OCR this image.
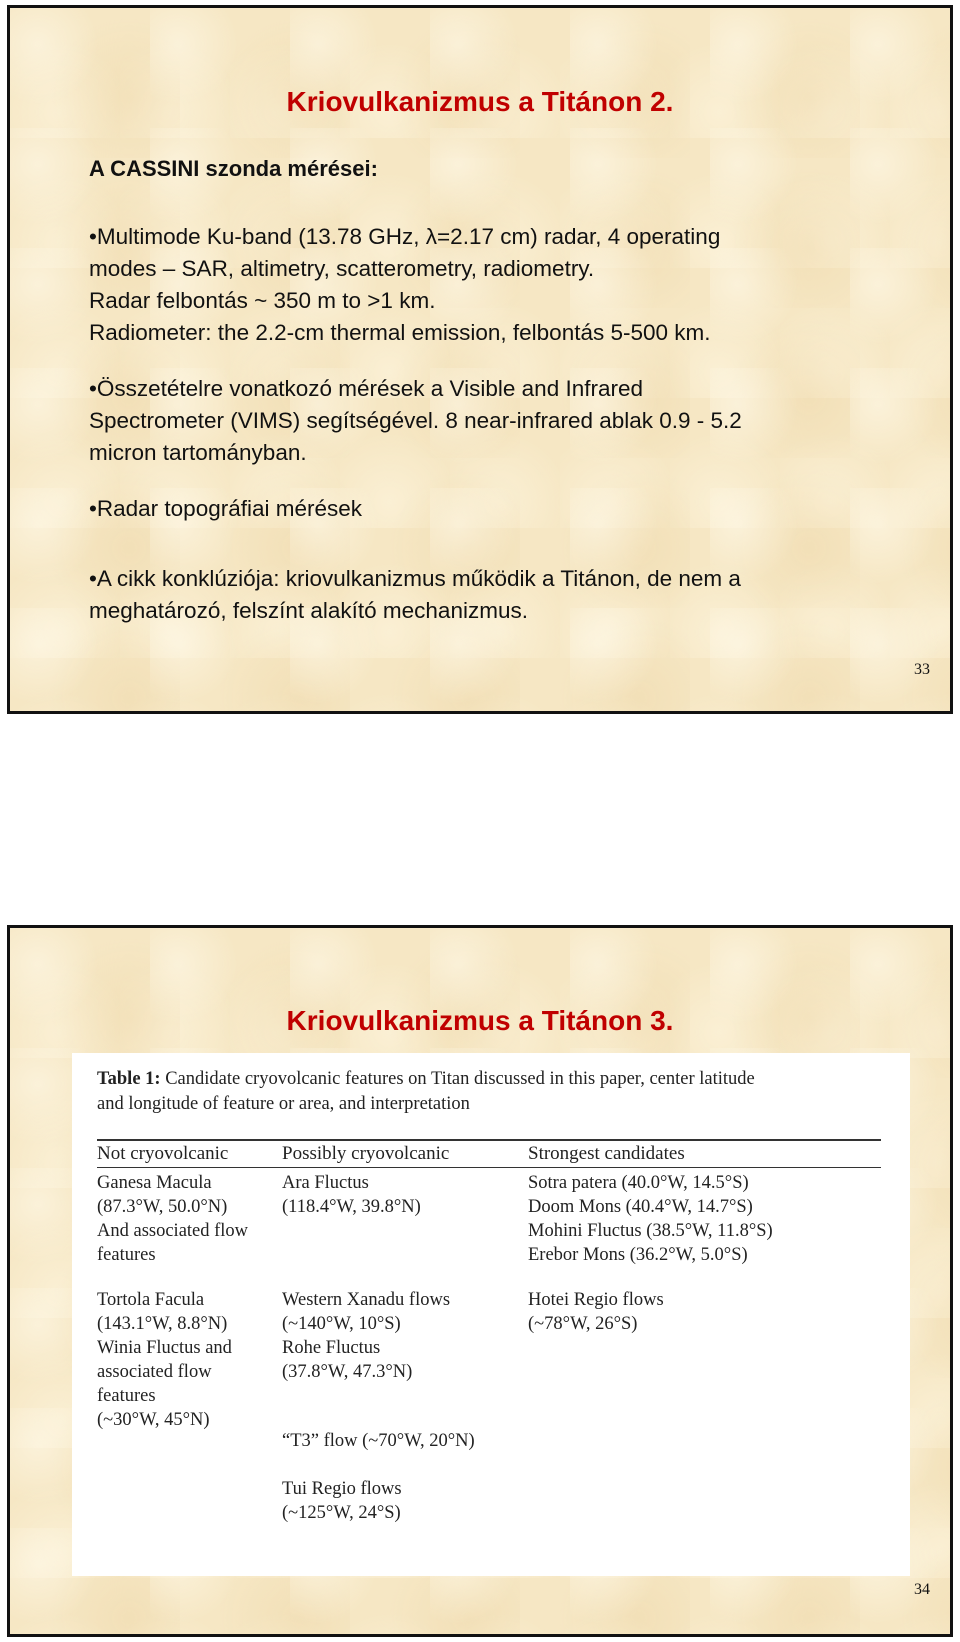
Kriovulkanizmus a Titánon 2.

A CASSINI szonda mérései:

•Multimode Ku-band (13.78 GHz, λ=2.17 cm) radar, 4 operating

modes – SAR, altimetry, scatterometry, radiometry.

Radar felbontás ~ 350 m to >1 km.

Radiometer: the 2.2-cm thermal emission, felbontás 5-500 km.

•Összetételre vonatkozó mérések a Visible and Infrared

Spectrometer (VIMS) segítségével. 8 near-infrared ablak 0.9 - 5.2

micron tartományban.

•Radar topográfiai mérések

•A cikk konklúziója: kriovulkanizmus működik a Titánon, de nem a

meghatározó, felszínt alakító mechanizmus.

33
Kriovulkanizmus a Titánon 3.

Table 1: Candidate cryovolcanic features on Titan discussed in this paper, center latitude
and longitude of feature or area, and interpretation

Not cryovolcanic	Possibly cryovolcanic	Strongest candidates

Ganesa Macula
(87.3°W, 50.0°N)
And associated flow
features
Tortola Facula
(143.1°W, 8.8°N)
Winia Fluctus and
associated flow
features
(~30°W, 45°N)
Ara Fluctus
(118.4°W, 39.8°N)
Western Xanadu flows
(~140°W, 10°S)
Rohe Fluctus
(37.8°W, 47.3°N)
“T3” flow (~70°W, 20°N)
Tui Regio flows
(~125°W, 24°S)
Sotra patera (40.0°W, 14.5°S)
Doom Mons (40.4°W, 14.7°S)
Mohini Fluctus (38.5°W, 11.8°S)
Erebor Mons (36.2°W, 5.0°S)
Hotei Regio flows
(~78°W, 26°S)
34
